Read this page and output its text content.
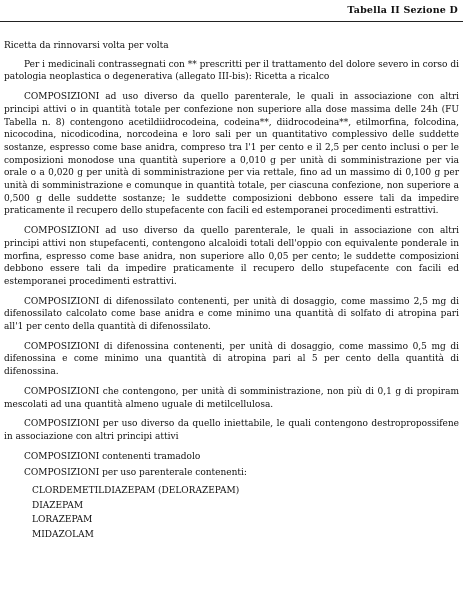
Tabella II Sezione D

Ricetta da rinnovarsi volta per volta

Per i medicinali contrassegnati con ** prescritti per il trattamento del dolore severo in corso di patologia neoplastica o degenerativa (allegato III-bis): Ricetta a ricalco

COMPOSIZIONI ad uso diverso da quello parenterale, le quali in associazione con altri principi attivi o in quantità totale per confezione non superiore alla dose massima delle 24h (FU Tabella n. 8) contengono acetildiidrocodeina, codeina**, diidrocodeina**, etilmorfina, folcodina, nicocodina, nicodicodina, norcodeina e loro sali per un quantitativo complessivo delle suddette sostanze, espresso come base anidra, compreso tra l'1 per cento e il 2,5 per cento inclusi o per le composizioni monodose una quantità superiore a 0,010 g per unità di somministrazione per via orale o a 0,020 g per unità di somministrazione per via rettale, fino ad un massimo di 0,100 g per unità di somministrazione e comunque in quantità totale, per ciascuna confezione, non superiore a 0,500 g delle suddette sostanze; le suddette composizioni debbono essere tali da impedire praticamente il recupero dello stupefacente con facili ed estemporanei procedimenti estrattivi.

COMPOSIZIONI ad uso diverso da quello parenterale, le quali in associazione con altri principi attivi non stupefacenti, contengono alcaloidi totali dell'oppio con equivalente ponderale in morfina, espresso come base anidra, non superiore allo 0,05 per cento; le suddette composizioni debbono essere tali da impedire praticamente il recupero dello stupefacente con facili ed estemporanei procedimenti estrattivi.

COMPOSIZIONI di difenossilato contenenti, per unità di dosaggio, come massimo 2,5 mg di difenossilato calcolato come base anidra e come minimo una quantità di solfato di atropina pari all'1 per cento della quantità di difenossilato.

COMPOSIZIONI di difenossina contenenti, per unità di dosaggio, come massimo 0,5 mg di difenossina e come minimo una quantità di atropina pari al 5 per cento della quantità di difenossina.

COMPOSIZIONI che contengono, per unità di somministrazione, non più di 0,1 g di propiram mescolati ad una quantità almeno uguale di metilcellulosa.

COMPOSIZIONI per uso diverso da quello iniettabile, le quali contengono destropropossifene in associazione con altri principi attivi

COMPOSIZIONI contenenti tramadolo

COMPOSIZIONI per uso parenterale contenenti:

CLORDEMETILDIAZEPAM (DELORAZEPAM)
DIAZEPAM
LORAZEPAM
MIDAZOLAM
